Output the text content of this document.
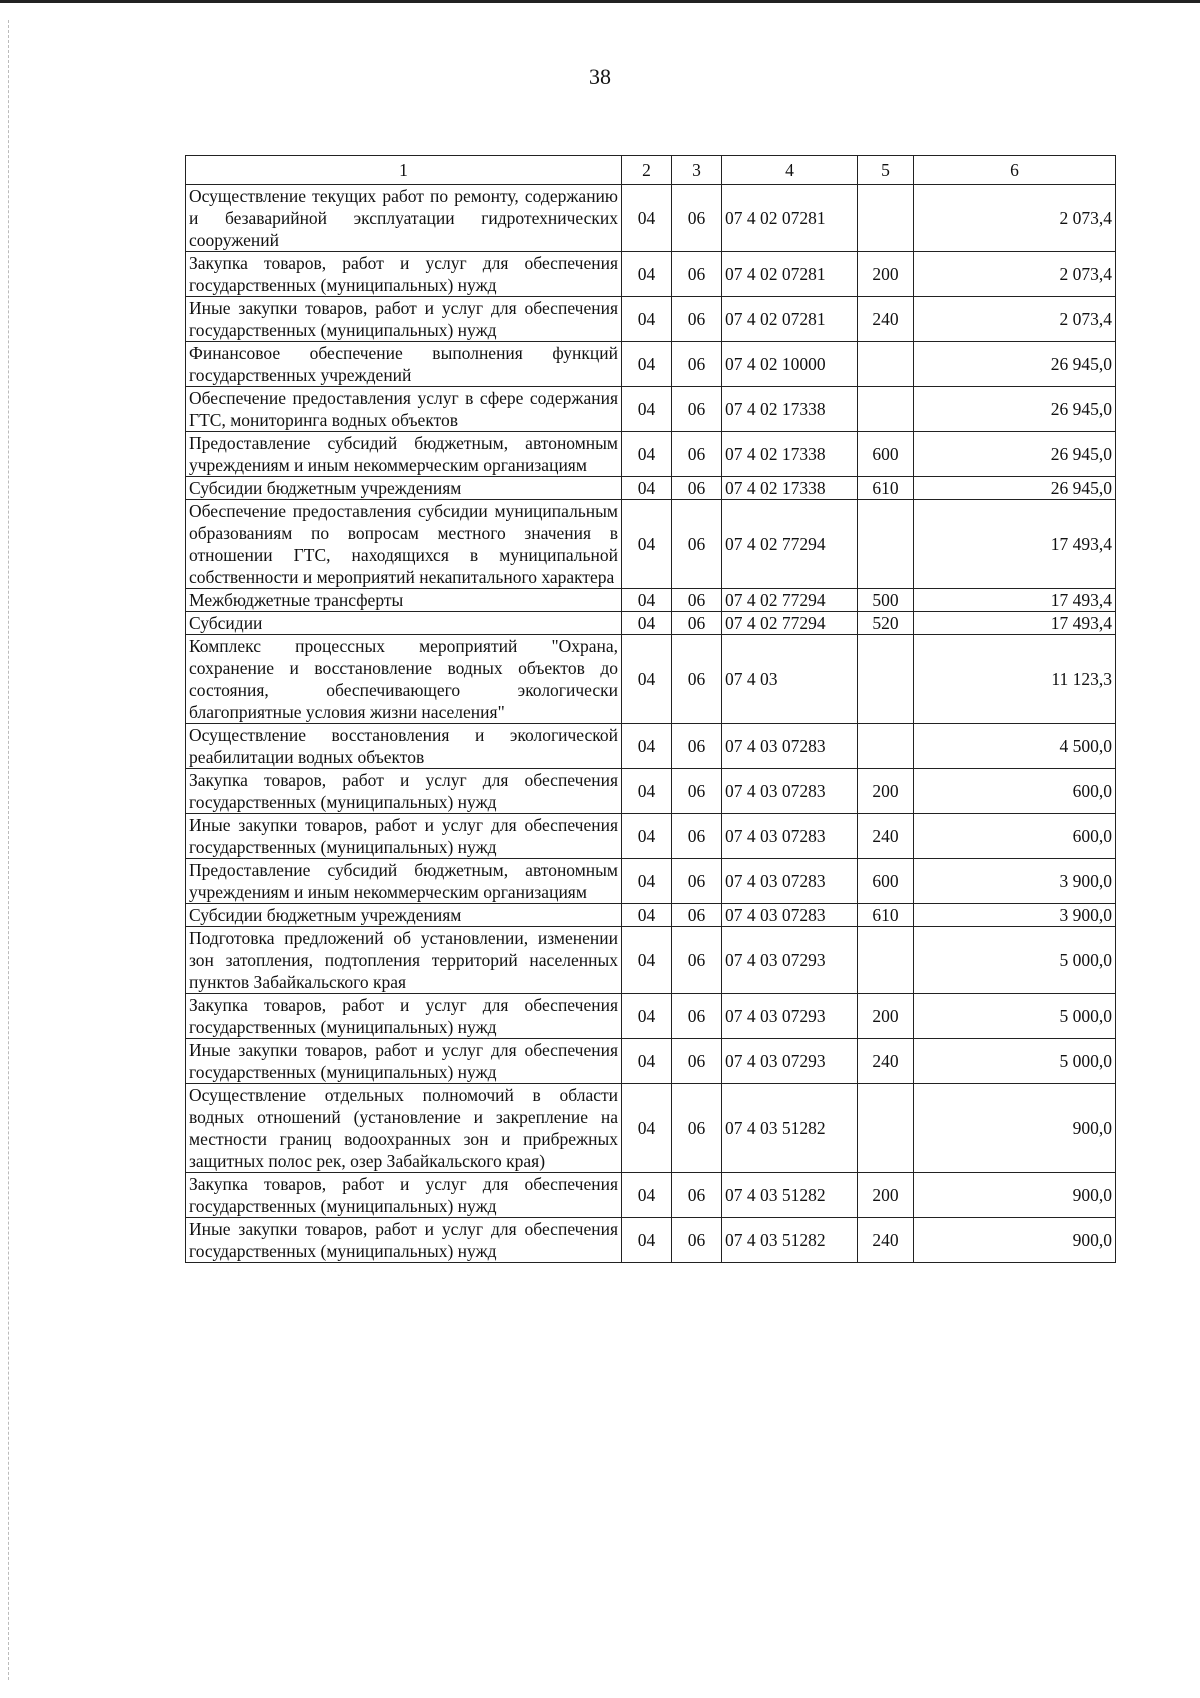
38
1	2	3	4	5	6
Осуществление текущих работ по ремонту, содержанию и безаварийной эксплуатации гидротехнических сооружений	04	06	07 4 02 07281		2 073,4
Закупка товаров, работ и услуг для обеспечения государственных (муниципальных) нужд	04	06	07 4 02 07281	200	2 073,4
Иные закупки товаров, работ и услуг для обеспечения государственных (муниципальных) нужд	04	06	07 4 02 07281	240	2 073,4
Финансовое обеспечение выполнения функций государственных учреждений	04	06	07 4 02 10000		26 945,0
Обеспечение предоставления услуг в сфере содержания ГТС, мониторинга водных объектов	04	06	07 4 02 17338		26 945,0
Предоставление субсидий бюджетным, автономным учреждениям и иным некоммерческим организациям	04	06	07 4 02 17338	600	26 945,0
Субсидии бюджетным учреждениям	04	06	07 4 02 17338	610	26 945,0
Обеспечение предоставления субсидии муниципальным образованиям по вопросам местного значения в отношении ГТС, находящихся в муниципальной собственности и мероприятий некапитального характера	04	06	07 4 02 77294		17 493,4
Межбюджетные трансферты	04	06	07 4 02 77294	500	17 493,4
Субсидии	04	06	07 4 02 77294	520	17 493,4
Комплекс процессных мероприятий "Охрана, сохранение и восстановление водных объектов до состояния, обеспечивающего экологически благоприятные условия жизни населения"	04	06	07 4 03		11 123,3
Осуществление восстановления и экологической реабилитации водных объектов	04	06	07 4 03 07283		4 500,0
Закупка товаров, работ и услуг для обеспечения государственных (муниципальных) нужд	04	06	07 4 03 07283	200	600,0
Иные закупки товаров, работ и услуг для обеспечения государственных (муниципальных) нужд	04	06	07 4 03 07283	240	600,0
Предоставление субсидий бюджетным, автономным учреждениям и иным некоммерческим организациям	04	06	07 4 03 07283	600	3 900,0
Субсидии бюджетным учреждениям	04	06	07 4 03 07283	610	3 900,0
Подготовка предложений об установлении, изменении зон затопления, подтопления территорий населенных пунктов Забайкальского края	04	06	07 4 03 07293		5 000,0
Закупка товаров, работ и услуг для обеспечения государственных (муниципальных) нужд	04	06	07 4 03 07293	200	5 000,0
Иные закупки товаров, работ и услуг для обеспечения государственных (муниципальных) нужд	04	06	07 4 03 07293	240	5 000,0
Осуществление отдельных полномочий в области водных отношений (установление и закрепление на местности границ водоохранных зон и прибрежных защитных полос рек, озер Забайкальского края)	04	06	07 4 03 51282		900,0
Закупка товаров, работ и услуг для обеспечения государственных (муниципальных) нужд	04	06	07 4 03 51282	200	900,0
Иные закупки товаров, работ и услуг для обеспечения государственных (муниципальных) нужд	04	06	07 4 03 51282	240	900,0
